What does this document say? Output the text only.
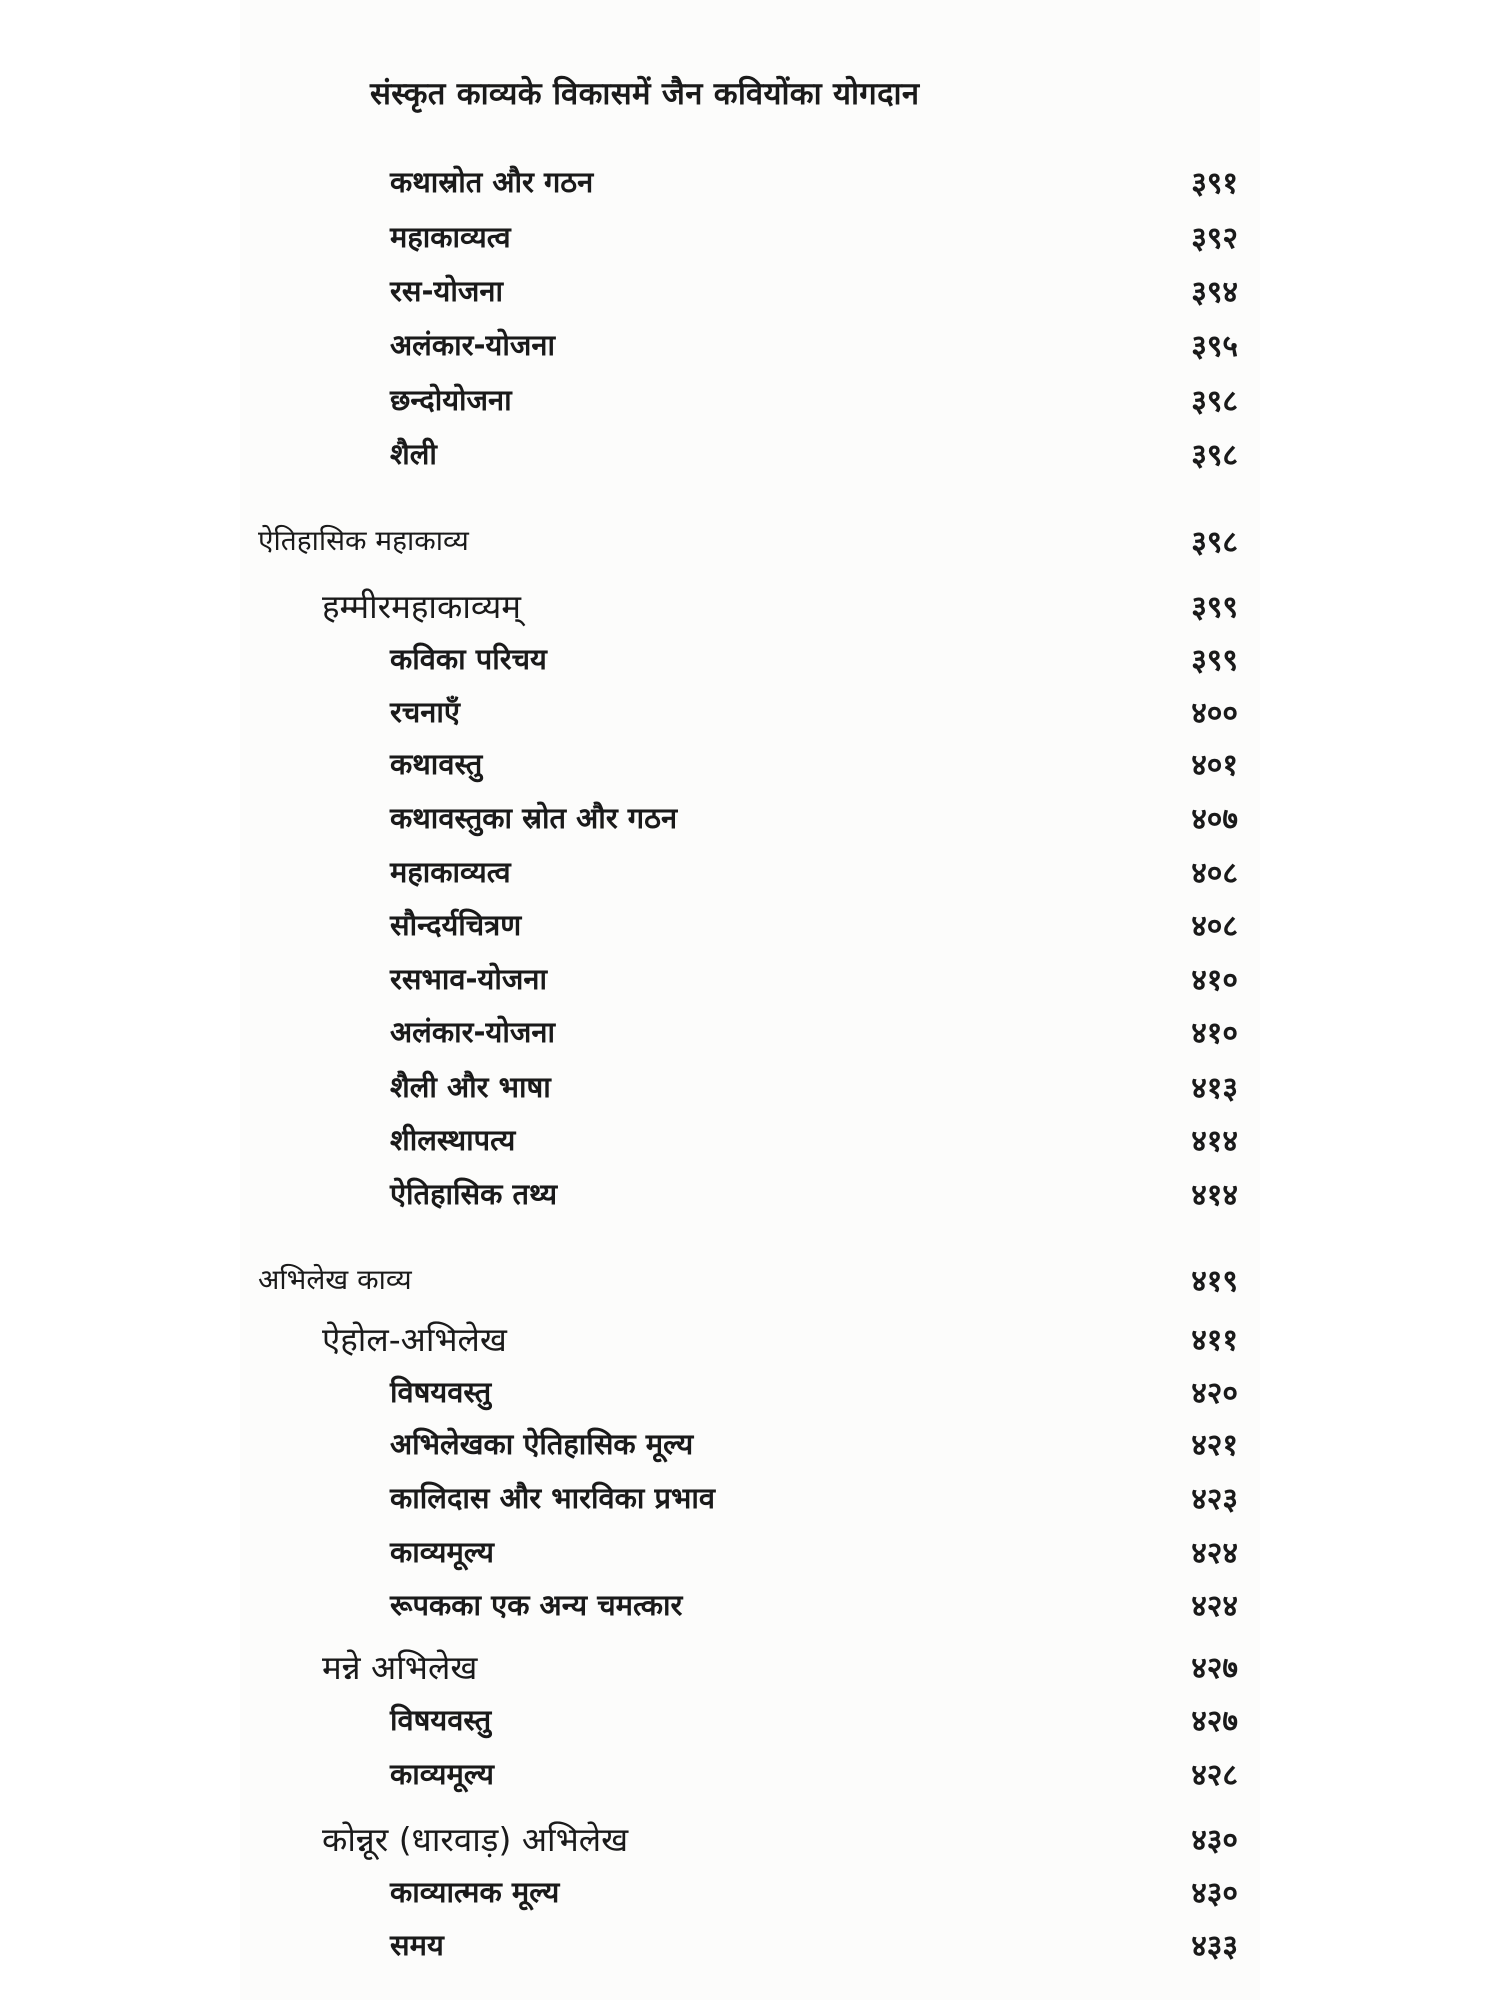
संस्कृत काव्यके विकासमें जैन कवियोंका योगदान
कथास्रोत और गठन	३९१
महाकाव्यत्व	३९२
रस-योजना	३९४
अलंकार-योजना	३९५
छन्दोयोजना	३९८
शैली	३९८
ऐतिहासिक महाकाव्य	३९८
हम्मीरमहाकाव्यम्	३९९
कविका परिचय	३९९
रचनाएँ	४००
कथावस्तु	४०१
कथावस्तुका स्रोत और गठन	४०७
महाकाव्यत्व	४०८
सौन्दर्यचित्रण	४०८
रसभाव-योजना	४१०
अलंकार-योजना	४१०
शैली और भाषा	४१३
शीलस्थापत्य	४१४
ऐतिहासिक तथ्य	४१४
अभिलेख काव्य	४१९
ऐहोल-अभिलेख	४११
विषयवस्तु	४२०
अभिलेखका ऐतिहासिक मूल्य	४२१
कालिदास और भारविका प्रभाव	४२३
काव्यमूल्य	४२४
रूपकका एक अन्य चमत्कार	४२४
मन्ने अभिलेख	४२७
विषयवस्तु	४२७
काव्यमूल्य	४२८
कोन्नूर (धारवाड़) अभिलेख	४३०
काव्यात्मक मूल्य	४३०
समय	४३३
